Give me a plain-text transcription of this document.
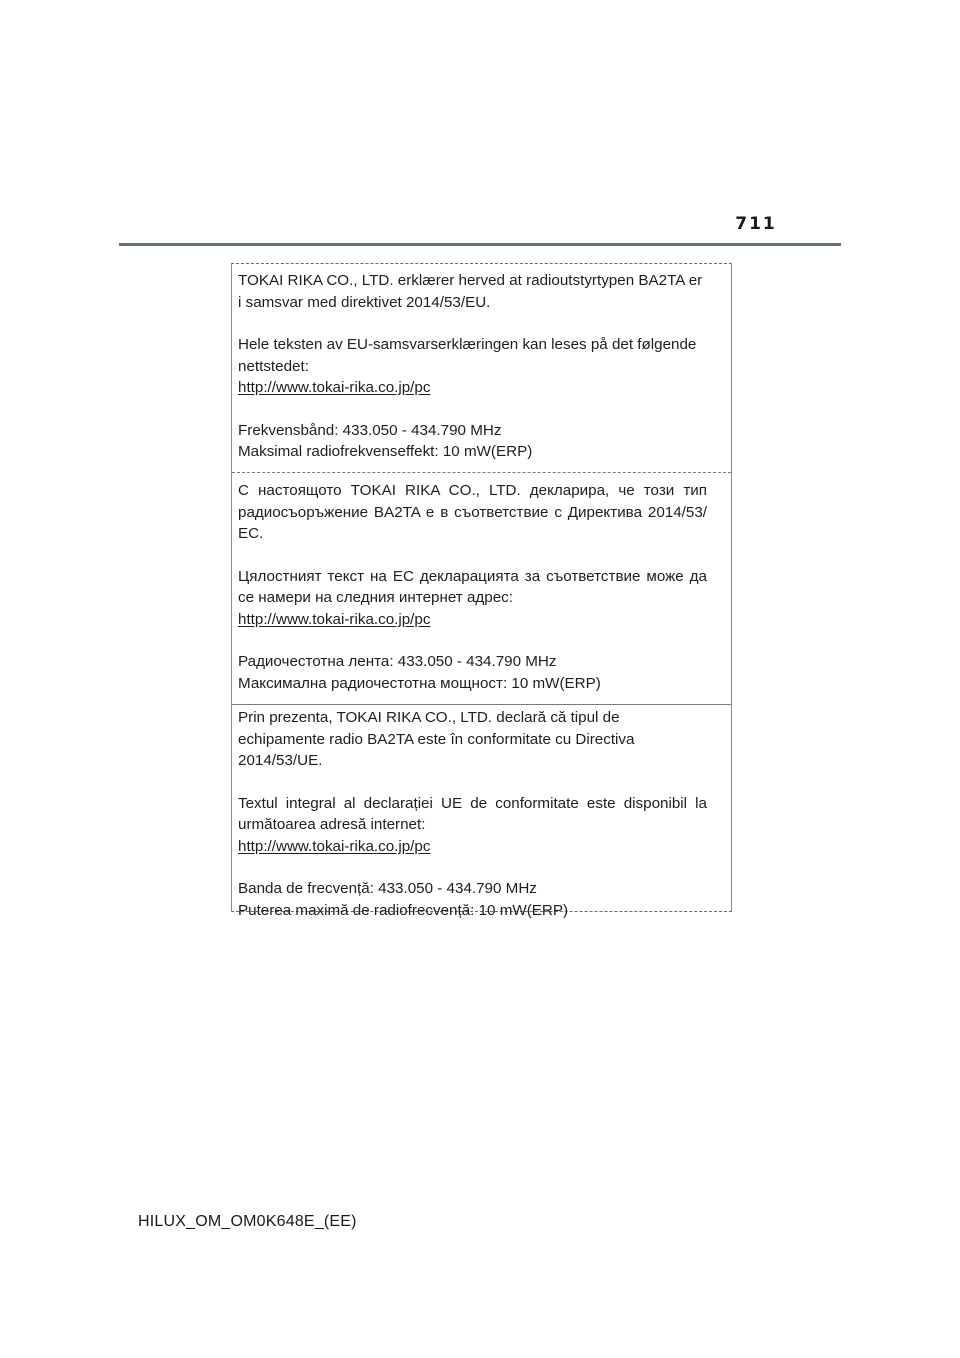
711

TOKAI RIKA CO., LTD. erklærer herved at radioutstyrtypen BA2TA er i samsvar med direktivet 2014/53/EU.

Hele teksten av EU-samsvarserklæringen kan leses på det følgende nettstedet:

http://www.tokai-rika.co.jp/pc

Frekvensbånd: 433.050 - 434.790 MHz

Maksimal radiofrekvenseffekt: 10 mW(ERP)

С настоящото TOKAI RIKA CO., LTD. декларира, че този тип радиосъоръжение BA2TA е в съответствие с Директива 2014/53/ЕС.

Цялостният текст на ЕС декларацията за съответствие може да се намери на следния интернет адрес:

http://www.tokai-rika.co.jp/pc

Радиочестотна лента: 433.050 - 434.790 MHz

Максимална радиочестотна мощност: 10 mW(ERP)

Prin prezenta, TOKAI RIKA CO., LTD. declară că tipul de echipamente radio BA2TA este în conformitate cu Directiva 2014/53/UE.

Textul integral al declarației UE de conformitate este disponibil la următoarea adresă internet:

http://www.tokai-rika.co.jp/pc

Banda de frecvență: 433.050 - 434.790 MHz

Puterea maximă de radiofrecvență: 10 mW(ERP)

HILUX_OM_OM0K648E_(EE)
